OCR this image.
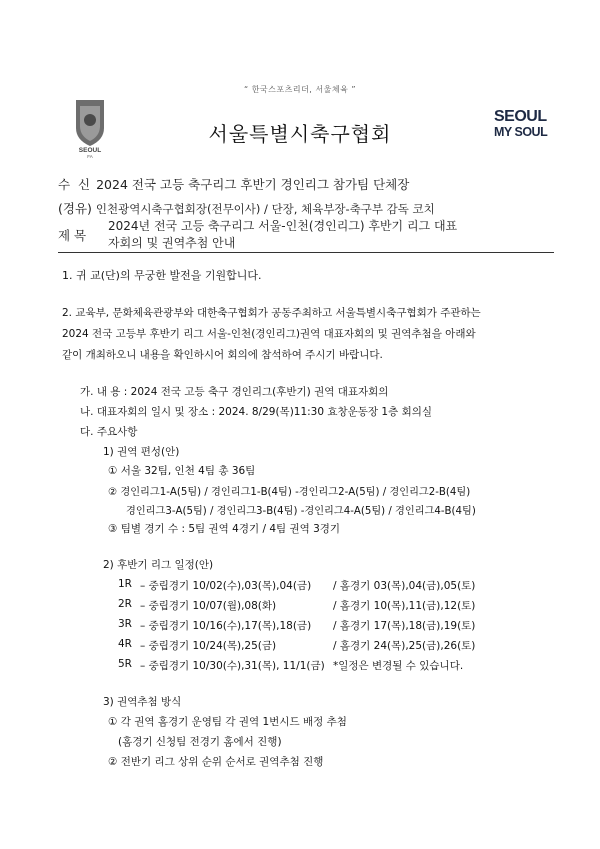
“ 한국스포츠리더, 서울체육 ”
SEOUL
FA
서울특별시축구협회
SEOUL
MY SOUL
수 신 2024 전국 고등 축구리그 후반기 경인리그 참가팀 단체장
(경유) 인천광역시축구협회장(전무이사) / 단장, 체육부장-축구부 감독 코치
제 목
2024년 전국 고등 축구리그 서울-인천(경인리그) 후반기 리그 대표
자회의 및 권역추첨 안내
1. 귀 교(단)의 무궁한 발전을 기원합니다.
2. 교육부, 문화체육관광부와 대한축구협회가 공동주최하고 서울특별시축구협회가 주관하는
2024 전국 고등부 후반기 리그 서울-인천(경인리그)권역 대표자회의 및 권역추첨을 아래와
같이 개최하오니 내용을 확인하시어 회의에 참석하여 주시기 바랍니다.
가. 내 용 : 2024 전국 고등 축구 경인리그(후반기) 권역 대표자회의
나. 대표자회의 일시 및 장소 : 2024. 8/29(목)11:30 효창운동장 1층 회의실
다. 주요사항
1) 권역 편성(안)
① 서울 32팀, 인천 4팀 총 36팀
② 경인리그1-A(5팀) / 경인리그1-B(4팀) -경인리그2-A(5팀) / 경인리그2-B(4팀)
경인리그3-A(5팀) / 경인리그3-B(4팀) -경인리그4-A(5팀) / 경인리그4-B(4팀)
③ 팀별 경기 수 : 5팀 권역 4경기 / 4팀 권역 3경기
2) 후반기 리그 일정(안)
1R – 중립경기 10/02(수),03(목),04(금) / 홈경기 03(목),04(금),05(토)
2R – 중립경기 10/07(월),08(화)	/ 홈경기 10(목),11(금),12(토)
3R – 중립경기 10/16(수),17(목),18(금) / 홈경기 17(목),18(금),19(토)
4R – 중립경기 10/24(목),25(금)	/ 홈경기 24(목),25(금),26(토)
5R – 중립경기 10/30(수),31(목), 11/1(금) *일정은 변경될 수 있습니다.
3) 권역추첨 방식
① 각 권역 홈경기 운영팀 각 권역 1번시드 배정 추첨
(홈경기 신청팀 전경기 홈에서 진행)
② 전반기 리그 상위 순위 순서로 권역추첨 진행
